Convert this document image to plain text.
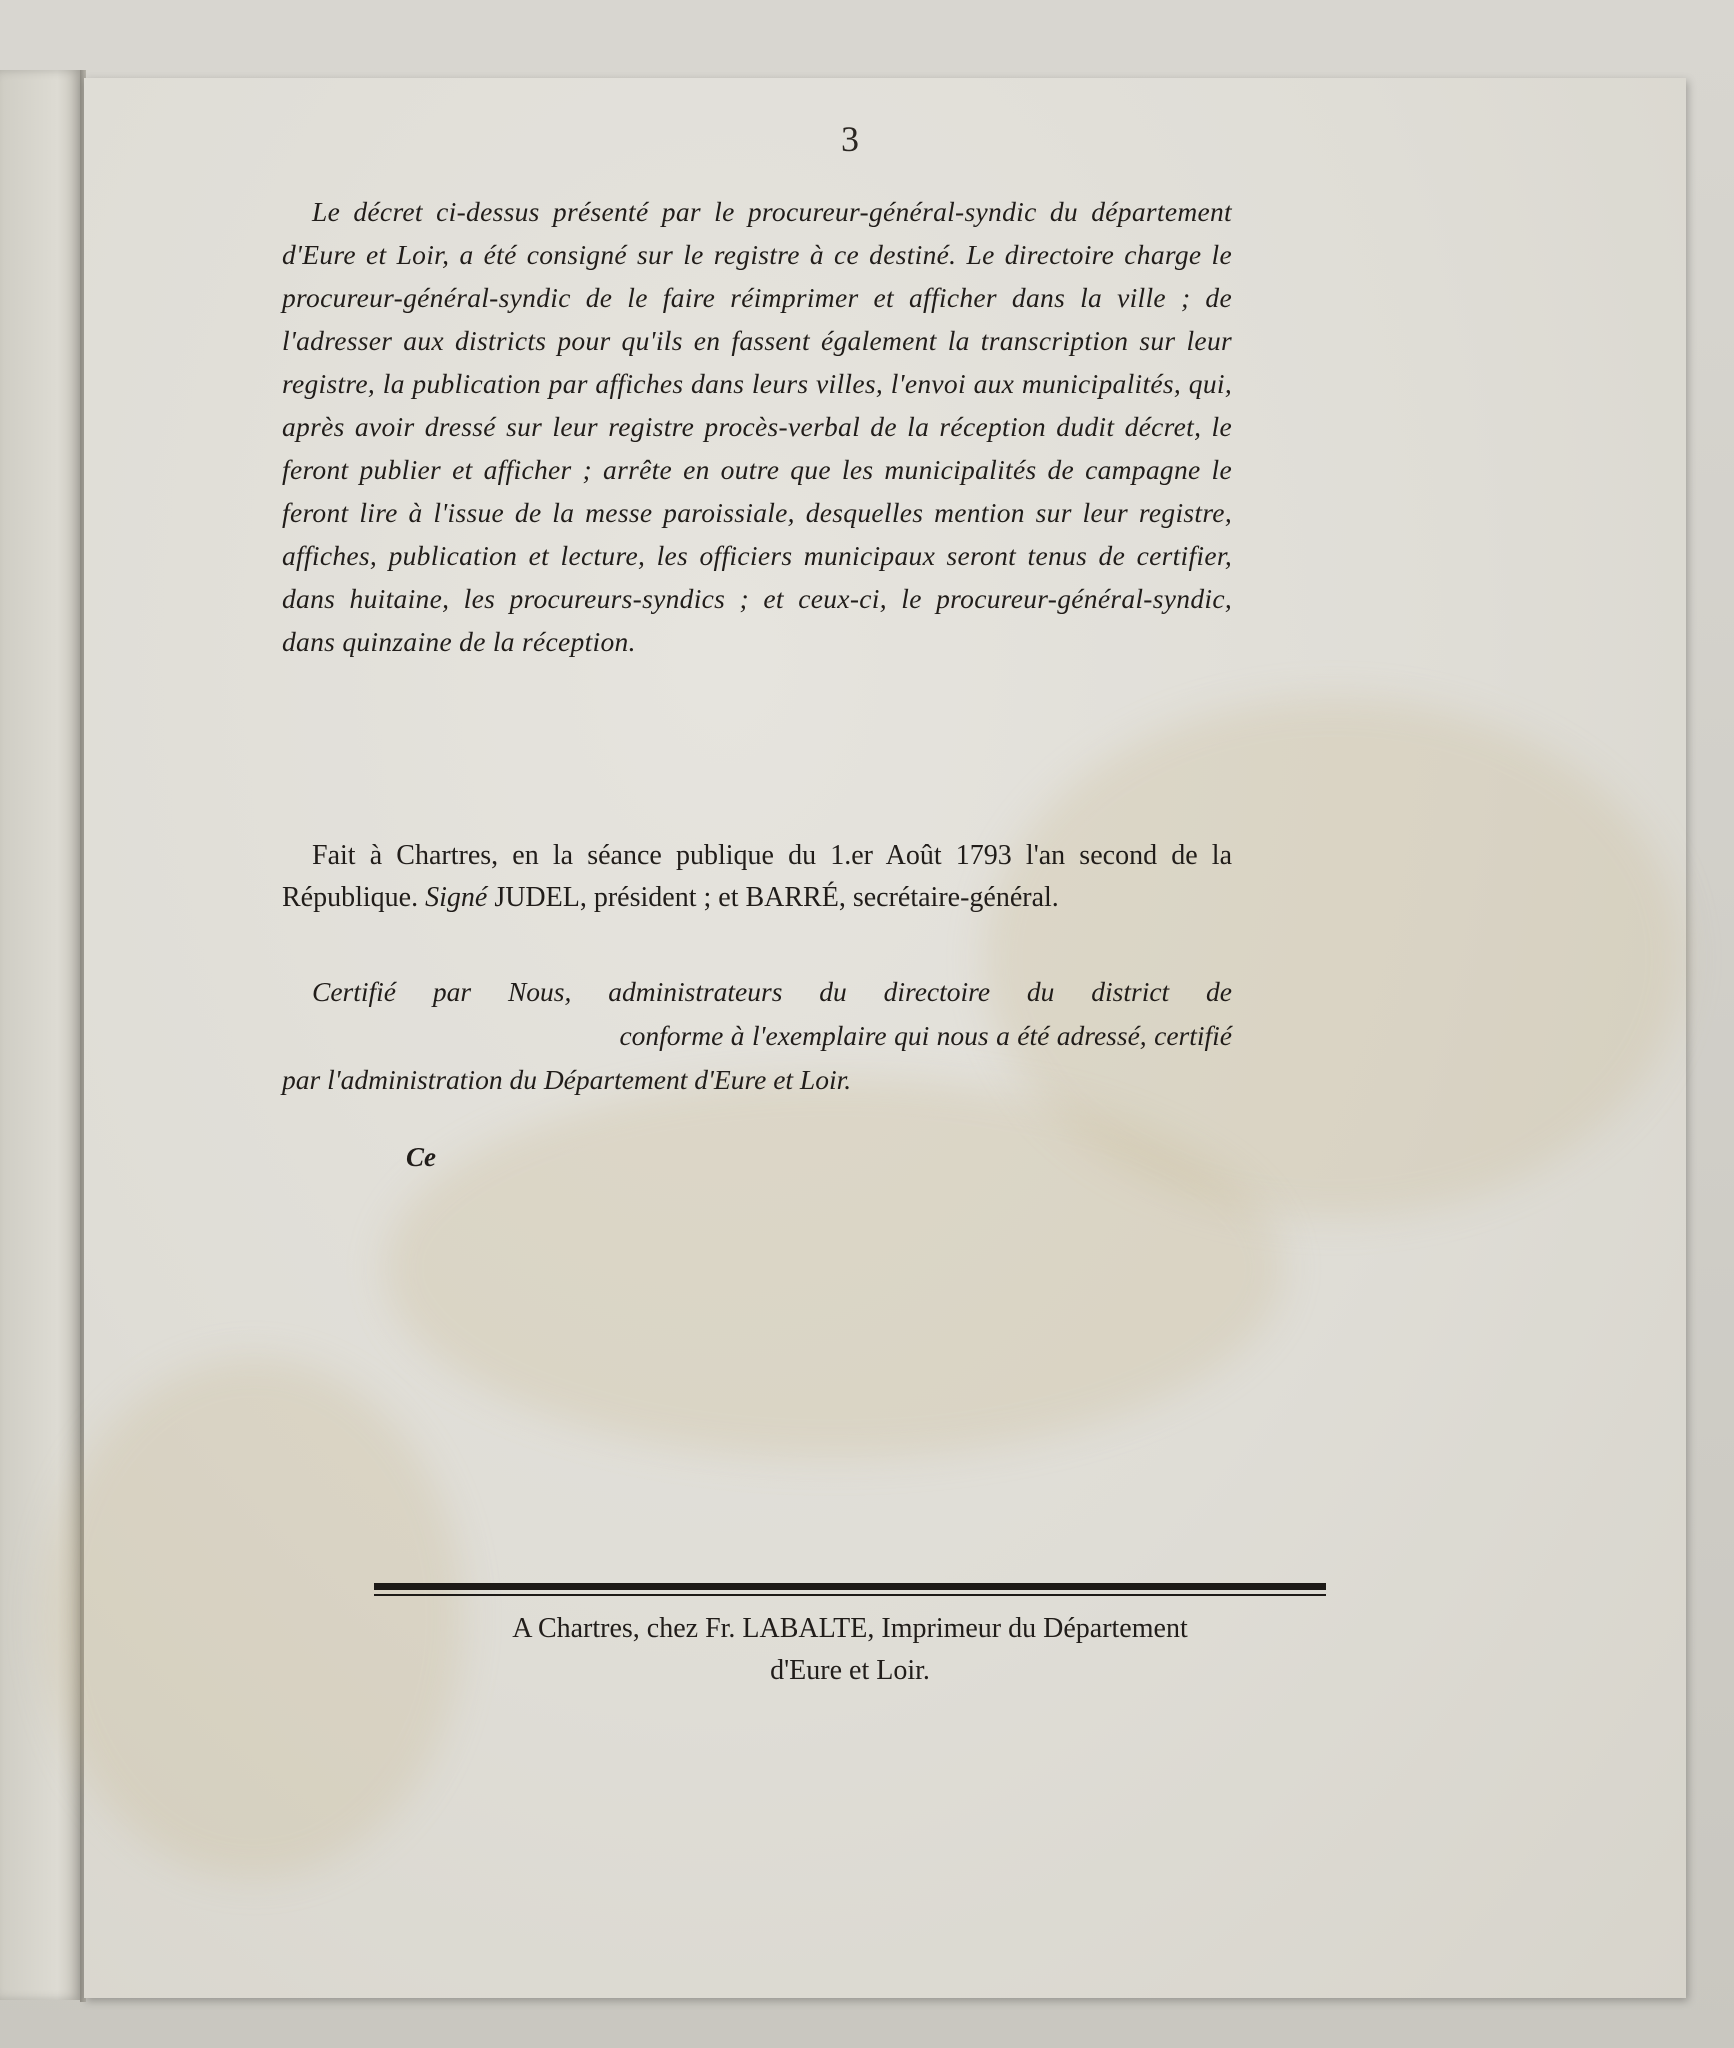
3
Le décret ci-dessus présenté par le procureur-général-syndic du département d'Eure et Loir, a été consigné sur le registre à ce destiné. Le directoire charge le procureur-général-syndic de le faire réimprimer et afficher dans la ville ; de l'adresser aux districts pour qu'ils en fassent également la transcription sur leur registre, la publication par affiches dans leurs villes, l'envoi aux municipalités, qui, après avoir dressé sur leur registre procès-verbal de la réception dudit décret, le feront publier et afficher ; arrête en outre que les municipalités de campagne le feront lire à l'issue de la messe paroissiale, desquelles mention sur leur registre, affiches, publication et lecture, les officiers municipaux seront tenus de certifier, dans huitaine, les procureurs-syndics ; et ceux-ci, le procureur-général-syndic, dans quinzaine de la réception.
Fait à Chartres, en la séance publique du 1.er Août 1793 l'an second de la République. Signé JUDEL, président ; et BARRÉ, secrétaire-général.
Certifié par Nous, administrateurs du directoire du district de  conforme à l'exemplaire qui nous a été adressé, certifié par l'administration du Département d'Eure et Loir.
Ce
A Chartres, chez Fr. LABALTE, Imprimeur du Département
d'Eure et Loir.
